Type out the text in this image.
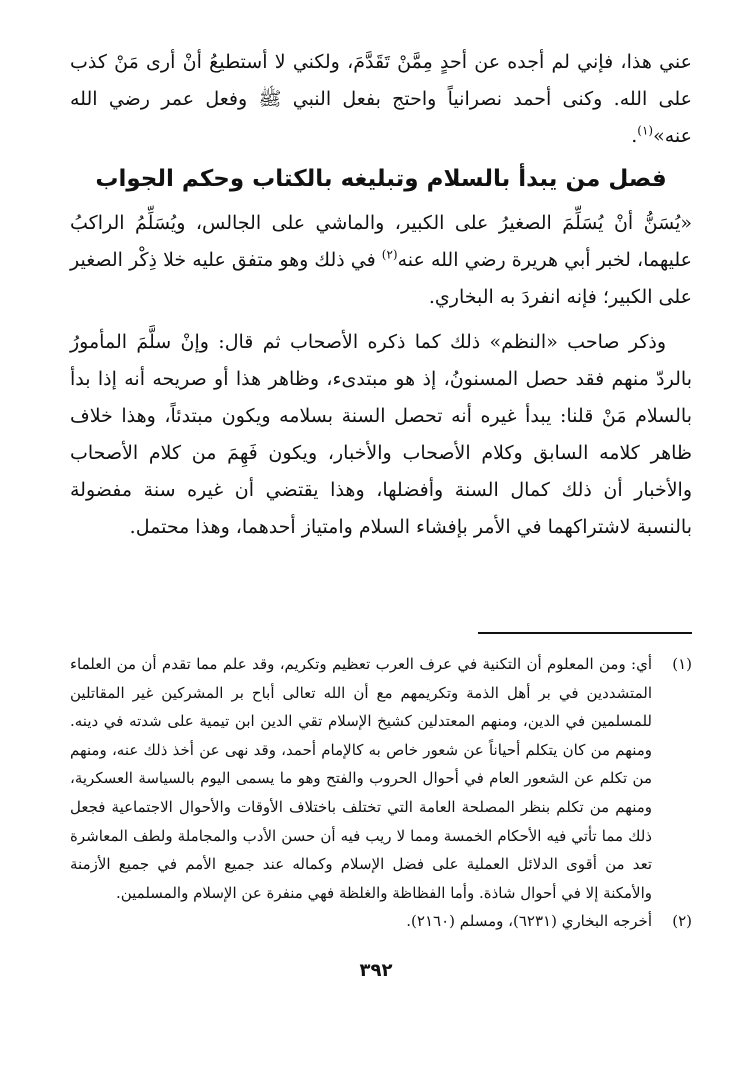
عني هذا، فإني لم أجده عن أحدٍ مِمَّنْ تَقَدَّمَ، ولكني لا أستطيعُ أنْ أرى مَنْ كذب على الله. وكنى أحمد نصرانياً واحتج بفعل النبي ﷺ وفعل عمر رضي الله عنه»$^{(١)}$.

فصل من يبدأ بالسلام وتبليغه بالكتاب وحكم الجواب

«يُسَنُّ أنْ يُسَلِّمَ الصغيرُ على الكبير، والماشي على الجالس، ويُسَلِّمُ الراكبُ عليهما، لخبر أبي هريرة رضي الله عنه$^{(٢)}$ في ذلك وهو متفق عليه خلا ذِكْر الصغير على الكبير؛ فإنه انفردَ به البخاري.

وذكر صاحب «النظم» ذلك كما ذكره الأصحاب ثم قال: وإنْ سلَّمَ المأمورُ بالردّ منهم فقد حصل المسنونُ، إذ هو مبتدىء، وظاهر هذا أو صريحه أنه إذا بدأ بالسلام مَنْ قلنا: يبدأ غيره أنه تحصل السنة بسلامه ويكون مبتدئاً، وهذا خلاف ظاهر كلامه السابق وكلام الأصحاب والأخبار، ويكون فَهِمَ من كلام الأصحاب والأخبار أن ذلك كمال السنة وأفضلها، وهذا يقتضي أن غيره سنة مفضولة بالنسبة لاشتراكهما في الأمر بإفشاء السلام وامتياز أحدهما، وهذا محتمل.

(١)
أي: ومن المعلوم أن التكنية في عرف العرب تعظيم وتكريم، وقد علم مما تقدم أن من العلماء المتشددين في بر أهل الذمة وتكريمهم مع أن الله تعالى أباح بر المشركين غير المقاتلين للمسلمين في الدين، ومنهم المعتدلين كشيخ الإسلام تقي الدين ابن تيمية على شدته في دينه. ومنهم من كان يتكلم أحياناً عن شعور خاص به كالإمام أحمد، وقد نهى عن أخذ ذلك عنه، ومنهم من تكلم عن الشعور العام في أحوال الحروب والفتح وهو ما يسمى اليوم بالسياسة العسكرية، ومنهم من تكلم بنظر المصلحة العامة التي تختلف باختلاف الأوقات والأحوال الاجتماعية فجعل ذلك مما تأتي فيه الأحكام الخمسة ومما لا ريب فيه أن حسن الأدب والمجاملة ولطف المعاشرة تعد من أقوى الدلائل العملية على فضل الإسلام وكماله عند جميع الأمم في جميع الأزمنة والأمكنة إلا في أحوال شاذة. وأما الفظاظة والغلظة فهي منفرة عن الإسلام والمسلمين.
(٢)
أخرجه البخاري (٦٢٣١)، ومسلم (٢١٦٠).
٣٩٢
